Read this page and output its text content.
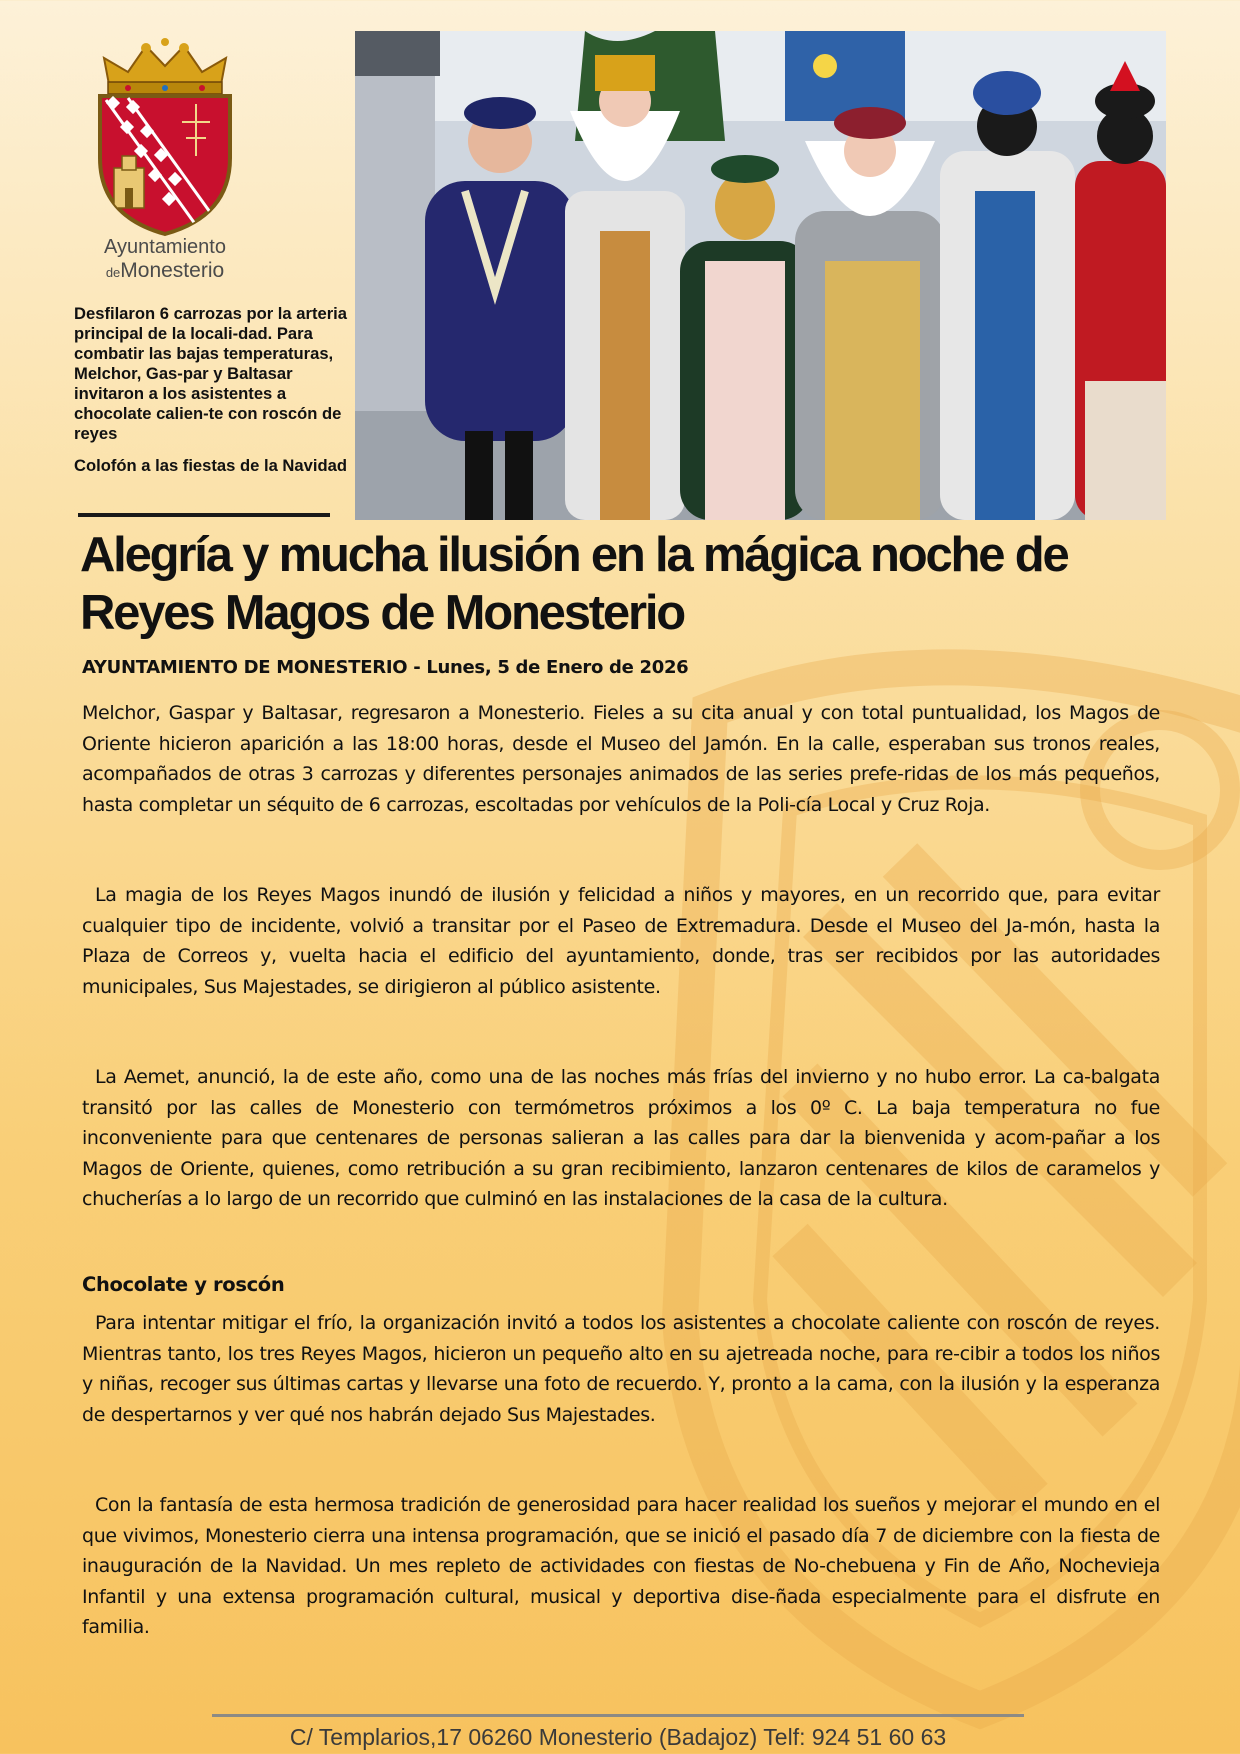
Ayuntamiento
deMonesterio

Desfilaron 6 carrozas por la arteria principal de la locali-dad. Para combatir las bajas temperaturas, Melchor, Gas-par y Baltasar invitaron a los asistentes a chocolate calien-te con roscón de reyes

Colofón a las fiestas de la Navidad

Alegría y mucha ilusión en la mágica noche de Reyes Magos de Monesterio
AYUNTAMIENTO DE MONESTERIO - Lunes, 5 de Enero de 2026

Melchor, Gaspar y Baltasar, regresaron a Monesterio. Fieles a su cita anual y con total puntualidad, los Magos de Oriente hicieron aparición a las 18:00 horas, desde el Museo del Jamón. En la calle, esperaban sus tronos reales, acompañados de otras 3 carrozas y diferentes personajes animados de las series prefe-ridas de los más pequeños, hasta completar un séquito de 6 carrozas, escoltadas por vehículos de la Poli-cía Local y Cruz Roja.

La magia de los Reyes Magos inundó de ilusión y felicidad a niños y mayores, en un recorrido que, para evitar cualquier tipo de incidente, volvió a transitar por el Paseo de Extremadura. Desde el Museo del Ja-món, hasta la Plaza de Correos y, vuelta hacia el edificio del ayuntamiento, donde, tras ser recibidos por las autoridades municipales, Sus Majestades, se dirigieron al público asistente.

La Aemet, anunció, la de este año, como una de las noches más frías del invierno y no hubo error. La ca-balgata transitó por las calles de Monesterio con termómetros próximos a los 0º C. La baja temperatura no fue inconveniente para que centenares de personas salieran a las calles para dar la bienvenida y acom-pañar a los Magos de Oriente, quienes, como retribución a su gran recibimiento, lanzaron centenares de kilos de caramelos y chucherías a lo largo de un recorrido que culminó en las instalaciones de la casa de la cultura.

Chocolate y roscón

Para intentar mitigar el frío, la organización invitó a todos los asistentes a chocolate caliente con roscón de reyes. Mientras tanto, los tres Reyes Magos, hicieron un pequeño alto en su ajetreada noche, para re-cibir a todos los niños y niñas, recoger sus últimas cartas y llevarse una foto de recuerdo. Y, pronto a la cama, con la ilusión y la esperanza de despertarnos y ver qué nos habrán dejado Sus Majestades.

Con la fantasía de esta hermosa tradición de generosidad para hacer realidad los sueños y mejorar el mundo en el que vivimos, Monesterio cierra una intensa programación, que se inició el pasado día 7 de diciembre con la fiesta de inauguración de la Navidad. Un mes repleto de actividades con fiestas de No-chebuena y Fin de Año, Nochevieja Infantil y una extensa programación cultural, musical y deportiva dise-ñada especialmente para el disfrute en familia.

C/ Templarios,17 06260 Monesterio (Badajoz) Telf: 924 51 60 63
